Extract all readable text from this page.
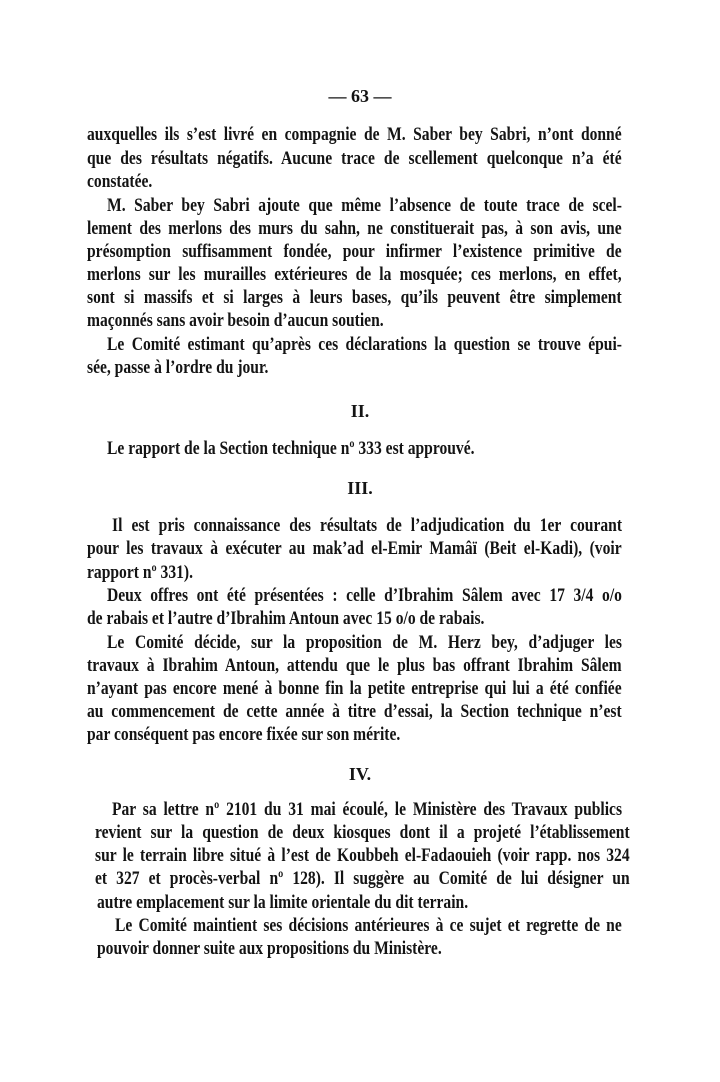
— 63 —
auxquelles ils s’est livré en compagnie de M. Saber bey Sabri, n’ont donné
que des résultats négatifs. Aucune trace de scellement quelconque n’a été
constatée.
M. Saber bey Sabri ajoute que même l’absence de toute trace de scel-
lement des merlons des murs du sahn, ne constituerait pas, à son avis, une
présomption suffisamment fondée, pour infirmer l’existence primitive de
merlons sur les murailles extérieures de la mosquée; ces merlons, en effet,
sont si massifs et si larges à leurs bases, qu’ils peuvent être simplement
maçonnés sans avoir besoin d’aucun soutien.
Le Comité estimant qu’après ces déclarations la question se trouve épui-
sée, passe à l’ordre du jour.
II.
Le rapport de la Section technique nº 333 est approuvé.
III.
Il est pris connaissance des résultats de l’adjudication du 1er courant
pour les travaux à exécuter au mak’ad el-Emir Mamâï (Beit el-Kadi), (voir
rapport nº 331).
Deux offres ont été présentées : celle d’Ibrahim Sâlem avec 17 3/4 o/o
de rabais et l’autre d’Ibrahim Antoun avec 15 o/o de rabais.
Le Comité décide, sur la proposition de M. Herz bey, d’adjuger les
travaux à Ibrahim Antoun, attendu que le plus bas offrant Ibrahim Sâlem
n’ayant pas encore mené à bonne fin la petite entreprise qui lui a été confiée
au commencement de cette année à titre d’essai, la Section technique n’est
par conséquent pas encore fixée sur son mérite.
IV.
Par sa lettre nº 2101 du 31 mai écoulé, le Ministère des Travaux publics
revient sur la question de deux kiosques dont il a projeté l’établissement
sur le terrain libre situé à l’est de Koubbeh el-Fadaouieh (voir rapp. nos 324
et 327 et procès-verbal nº 128). Il suggère au Comité de lui désigner un
autre emplacement sur la limite orientale du dit terrain.
Le Comité maintient ses décisions antérieures à ce sujet et regrette de ne
pouvoir donner suite aux propositions du Ministère.
